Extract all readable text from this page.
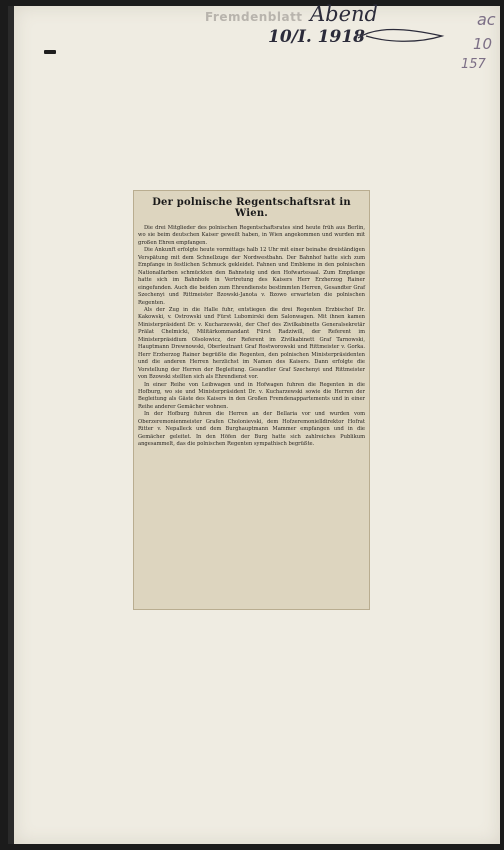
Fremdenblatt Abend
10/I. 1918
ac
10
157
Der polnische Regentschaftsrat in Wien.

Die drei Mitglieder des polnischen Regentschaftsrates sind heute früh aus Berlin, wo sie beim deutschen Kaiser geweilt haben, in Wien angekommen und wurden mit großen Ehren empfangen.

Die Ankunft erfolgte heute vormittags halb 12 Uhr mit einer beinahe dreiständigen Verspätung mit dem Schnellzuge der Nordwestbahn. Der Bahnhof hatte sich zum Empfange in festlichen Schmuck gekleidet. Fahnen und Embleme in den polnischen Nationalfarben schmückten den Bahnsteig und den Hofwartesaal. Zum Empfange hatte sich im Bahnhofe in Vertretung des Kaisers Herr Erzherzog Rainer eingefunden. Auch die beiden zum Ehrendienste bestimmten Herren, Gesandter Graf Szechenyi und Rittmeister Bzowski-Janota v. Bzowo erwarteten die polnischen Regenten.

Als der Zug in die Halle fuhr, entstiegen die drei Regenten Erzbischof Dr. Kakowski, v. Ostrowski und Fürst Lubomirski dem Salonwagen. Mit ihnen kamen Ministerpräsident Dr. v. Kucharzewski, der Chef des Zivilkabinetts Generalsekretär Prälat Chelmicki, Militärkommandant Fürst Radziwill, der Referent im Ministerpräsidium Olsolowicz, der Referent im Zivilkabinett Graf Tarnowski, Hauptmann Drewnowski, Oberleutnant Graf Rostworowski und Rittmeister v. Gorka. Herr Erzherzog Rainer begrüßte die Regenten, den polnischen Ministerpräsidenten und die anderen Herren herzlichst im Namen des Kaisers. Dann erfolgte die Vorstellung der Herren der Begleitung. Gesandter Graf Szechenyi und Rittmeister von Bzowski stellten sich als Ehrendienst vor.

In einer Reihe von Leibwagen und in Hofwagen fuhren die Regenten in die Hofburg, wo sie und Ministerpräsident Dr. v. Kucharzewski sowie die Herren der Begleitung als Gäste des Kaisers in den Großen Fremdenappartements und in einer Reihe anderer Gemächer wohnen.

In der Hofburg fuhren die Herren an der Bellaria vor und wurden vom Oberzeremonienmeister Grafen Cholonievski, dem Hofzeremonielldirektor Hofrat Ritter v. Nepalleck und dem Burghauptmann Mammer empfangen und in die Gemächer geleitet. In den Höfen der Burg hatte sich zahlreiches Publikum angesammelt, das die polnischen Regenten sympathisch begrüßte.
